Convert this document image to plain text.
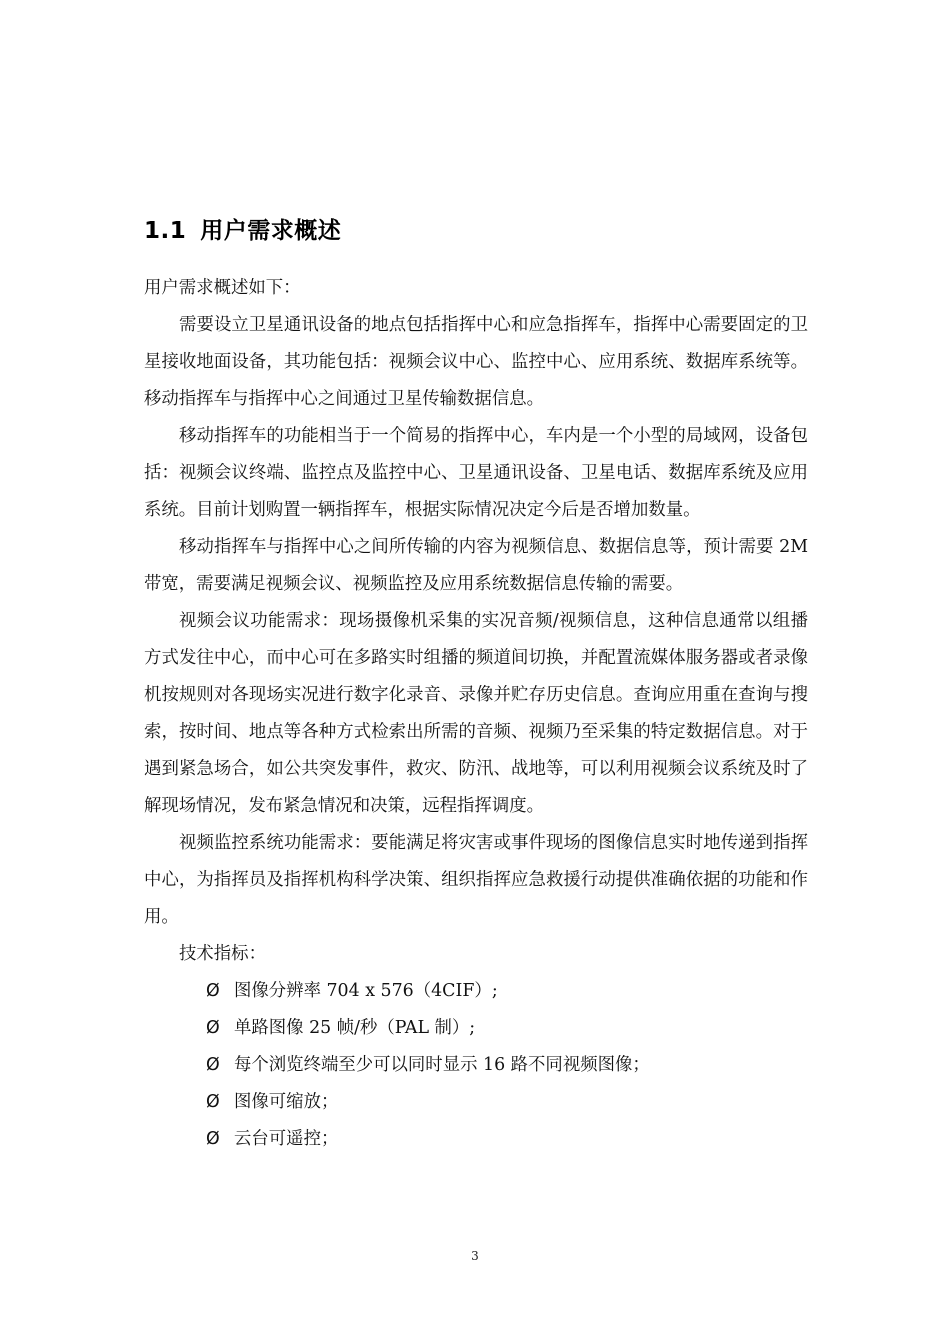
1.1 用户需求概述

用户需求概述如下：

需要设立卫星通讯设备的地点包括指挥中心和应急指挥车，指挥中心需要固定的卫星接收地面设备，其功能包括：视频会议中心、监控中心、应用系统、数据库系统等。移动指挥车与指挥中心之间通过卫星传输数据信息。

移动指挥车的功能相当于一个简易的指挥中心，车内是一个小型的局域网，设备包括：视频会议终端、监控点及监控中心、卫星通讯设备、卫星电话、数据库系统及应用系统。目前计划购置一辆指挥车，根据实际情况决定今后是否增加数量。

移动指挥车与指挥中心之间所传输的内容为视频信息、数据信息等，预计需要 2M 带宽，需要满足视频会议、视频监控及应用系统数据信息传输的需要。

视频会议功能需求：现场摄像机采集的实况音频/视频信息，这种信息通常以组播方式发往中心，而中心可在多路实时组播的频道间切换，并配置流媒体服务器或者录像机按规则对各现场实况进行数字化录音、录像并贮存历史信息。查询应用重在查询与搜索，按时间、地点等各种方式检索出所需的音频、视频乃至采集的特定数据信息。对于遇到紧急场合，如公共突发事件，救灾、防汛、战地等，可以利用视频会议系统及时了解现场情况，发布紧急情况和决策，远程指挥调度。

视频监控系统功能需求：要能满足将灾害或事件现场的图像信息实时地传递到指挥中心，为指挥员及指挥机构科学决策、组织指挥应急救援行动提供准确依据的功能和作用。

技术指标：

Ø 图像分辨率 704 x 576（4CIF）;
Ø 单路图像 25 帧/秒（PAL 制）;
Ø 每个浏览终端至少可以同时显示 16 路不同视频图像；
Ø 图像可缩放；
Ø 云台可遥控；
3
